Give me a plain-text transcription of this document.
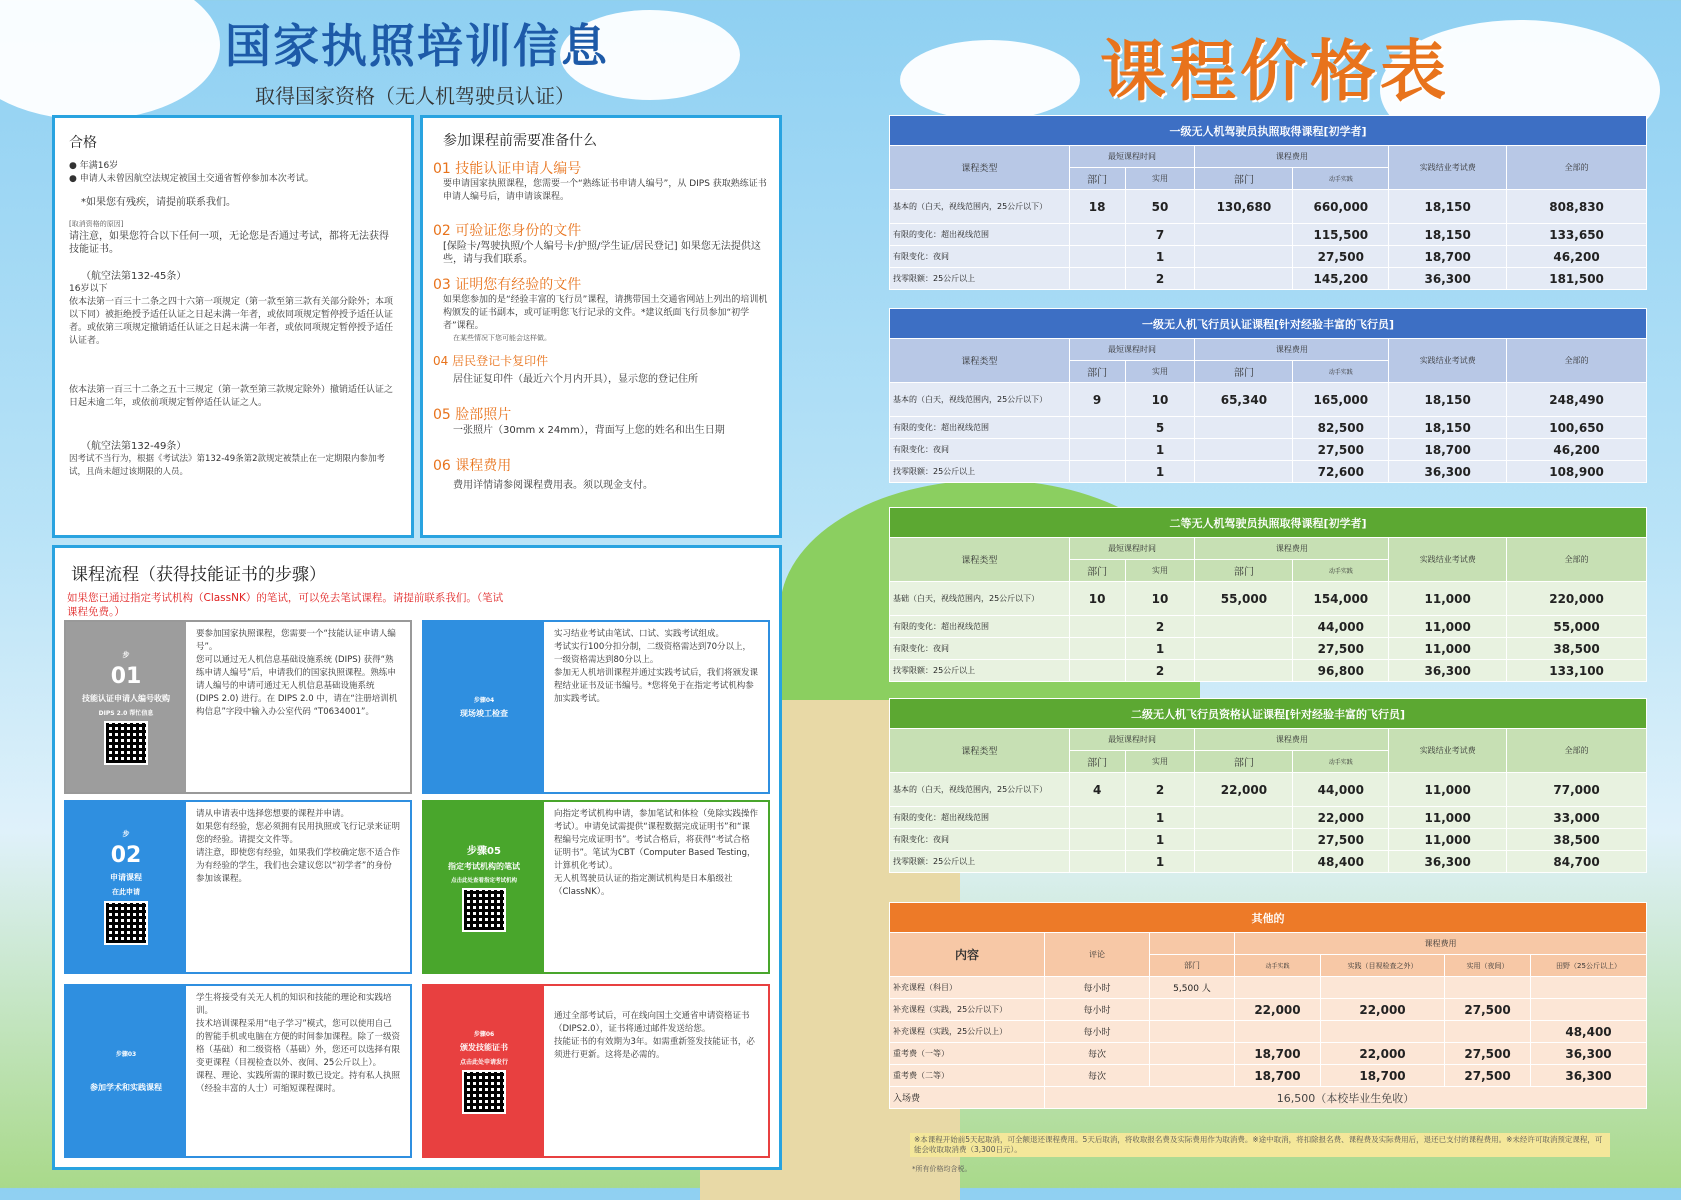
国家执照培训信息
取得国家资格（无人机驾驶员认证）	课程价格表
合格
● 年满16岁
● 申请人未曾因航空法规定被国土交通省暂停参加本次考试。
*如果您有残疾，请提前联系我们。
[取消资格的原因]
请注意，如果您符合以下任何一项，无论您是否通过考试，都将无法获得技能证书。
（航空法第132-45条）
16岁以下
依本法第一百三十二条之四十六第一项规定（第一款至第三款有关部分除外；本项以下同）被拒绝授予适任认证之日起未满一年者，或依同项规定暂停授予适任认证者。或依第三项规定撤销适任认证之日起未满一年者，或依同项规定暂停授予适任认证者。
依本法第一百三十二条之五十三规定（第一款至第三款规定除外）撤销适任认证之日起未逾二年，或依前项规定暂停适任认证之人。
（航空法第132-49条）
因考试不当行为，根据《考试法》第132-49条第2款规定被禁止在一定期限内参加考试，且尚未超过该期限的人员。
参加课程前需要准备什么
01 技能认证申请人编号
要申请国家执照课程，您需要一个“熟练证书申请人编号”，从 DIPS 获取熟练证书申请人编号后，请申请该课程。
02 可验证您身份的文件
[保险卡/驾驶执照/个人编号卡/护照/学生证/居民登记] 如果您无法提供这些，请与我们联系。
03 证明您有经验的文件
如果您参加的是“经验丰富的飞行员”课程，请携带国土交通省网站上列出的培训机构颁发的证书副本，或可证明您飞行记录的文件。*建议纸面飞行员参加“初学者”课程。
在某些情况下您可能会这样做。
04 居民登记卡复印件
居住证复印件（最近六个月内开具），显示您的登记住所
05 脸部照片
一张照片（30mm x 24mm），背面写上您的姓名和出生日期
06 课程费用
费用详情请参阅课程费用表。须以现金支付。
课程流程（获得技能证书的步骤）
如果您已通过指定考试机构（ClassNK）的笔试，可以免去笔试课程。请提前联系我们。（笔试课程免费。）
步
01
技能认证申请人编号收购
DIPS 2.0 帮忙信息
要参加国家执照课程，您需要一个“技能认证申请人编号”。
您可以通过无人机信息基础设施系统 (DIPS) 获得“熟练申请人编号”后，申请我们的国家执照课程。熟练申请人编号的申请可通过无人机信息基础设施系统 (DIPS 2.0) 进行。在 DIPS 2.0 中，请在“注册培训机构信息”字段中输入办公室代码 “T0634001”。
步骤04
现场竣工检查
实习结业考试由笔试、口试、实践考试组成。
考试实行100分扣分制，二级资格需达到70分以上，一级资格需达到80分以上。
参加无人机培训课程并通过实践考试后，我们将颁发课程结业证书及证书编号。*您将免于在指定考试机构参加实践考试。
步
02
申请课程
在此申请
请从申请表中选择您想要的课程并申请。
如果您有经验，您必须拥有民用执照或飞行记录来证明您的经验。请提交文件等。
请注意，即使您有经验，如果我们学校确定您不适合作为有经验的学生，我们也会建议您以“初学者”的身份参加该课程。
步骤05
指定考试机构的笔试
点击此处查看指定考试机构
向指定考试机构申请，参加笔试和体检（免除实践操作考试）。申请免试需提供“课程数据完成证明书”和“课程编号完成证明书”。考试合格后，将获得“考试合格证明书”。笔试为CBT（Computer Based Testing，计算机化考试）。
无人机驾驶员认证的指定测试机构是日本船级社（ClassNK）。
步骤03
参加学术和实践课程
学生将接受有关无人机的知识和技能的理论和实践培训。
技术培训课程采用“电子学习”模式，您可以使用自己的智能手机或电脑在方便的时间参加课程。除了一级资格（基础）和二级资格（基础）外，您还可以选择有限变更课程（目视检查以外、夜间、25公斤以上）。
课程、理论、实践所需的课时数已设定。持有私人执照（经验丰富的人士）可缩短课程课时。
步骤06
颁发技能证书
点击此处申请发行
通过全部考试后，可在线向国土交通省申请资格证书（DIPS2.0），证书将通过邮件发送给您。
技能证书的有效期为3年。如需重新签发技能证书，必须进行更新。这将是必需的。
一级无人机驾驶员执照取得课程[初学者]						
课程类型	最短课程时间		课程费用		实践结业考试费	全部的
	部门	实用	部门	动手实践		
基本的（白天，视线范围内，25公斤以下）	18	50	130,680	660,000	18,150	808,830
有限的变化：超出视线范围		7		115,500	18,150	133,650
有限变化：夜间		1		27,500	18,700	46,200
找零限额：25公斤以上		2		145,200	36,300	181,500
一级无人机飞行员认证课程[针对经验丰富的飞行员]						
课程类型	最短课程时间		课程费用		实践结业考试费	全部的
	部门	实用	部门	动手实践		
基本的（白天，视线范围内，25公斤以下）	9	10	65,340	165,000	18,150	248,490
有限的变化：超出视线范围		5		82,500	18,150	100,650
有限变化：夜间		1		27,500	18,700	46,200
找零限额：25公斤以上		1		72,600	36,300	108,900
二等无人机驾驶员执照取得课程[初学者]						
课程类型	最短课程时间		课程费用		实践结业考试费	全部的
	部门	实用	部门	动手实践		
基础（白天，视线范围内，25公斤以下）	10	10	55,000	154,000	11,000	220,000
有限的变化：超出视线范围		2		44,000	11,000	55,000
有限变化：夜间		1		27,500	11,000	38,500
找零限额：25公斤以上		2		96,800	36,300	133,100
二级无人机飞行员资格认证课程[针对经验丰富的飞行员]						
课程类型	最短课程时间		课程费用		实践结业考试费	全部的
	部门	实用	部门	动手实践		
基本的（白天，视线范围内，25公斤以下）	4	2	22,000	44,000	11,000	77,000
有限的变化：超出视线范围		1		22,000	11,000	33,000
有限变化：夜间		1		27,500	11,000	38,500
找零限额：25公斤以上		1		48,400	36,300	84,700
其他的						
内容	评论		课程费用			
		部门	动手实践	实践（目视检查之外）	实用（夜间）	田野（25公斤以上）
补充课程（科目）	每小时	5,500 人				
补充课程（实践，25公斤以下）	每小时		22,000	22,000	27,500	
补充课程（实践，25公斤以上）	每小时					48,400
重考费（一等）	每次		18,700	22,000	27,500	36,300
重考费（二等）	每次		18,700	18,700	27,500	36,300
入场费	16,500（本校毕业生免收）					
※本课程开始前5天起取消，可全额退还课程费用。5天后取消，将收取报名费及实际费用作为取消费。※途中取消，将扣除报名费、课程费及实际费用后，退还已支付的课程费用。※未经许可取消预定课程，可能会收取取消费（3,300日元）。
*所有价格均含税。
